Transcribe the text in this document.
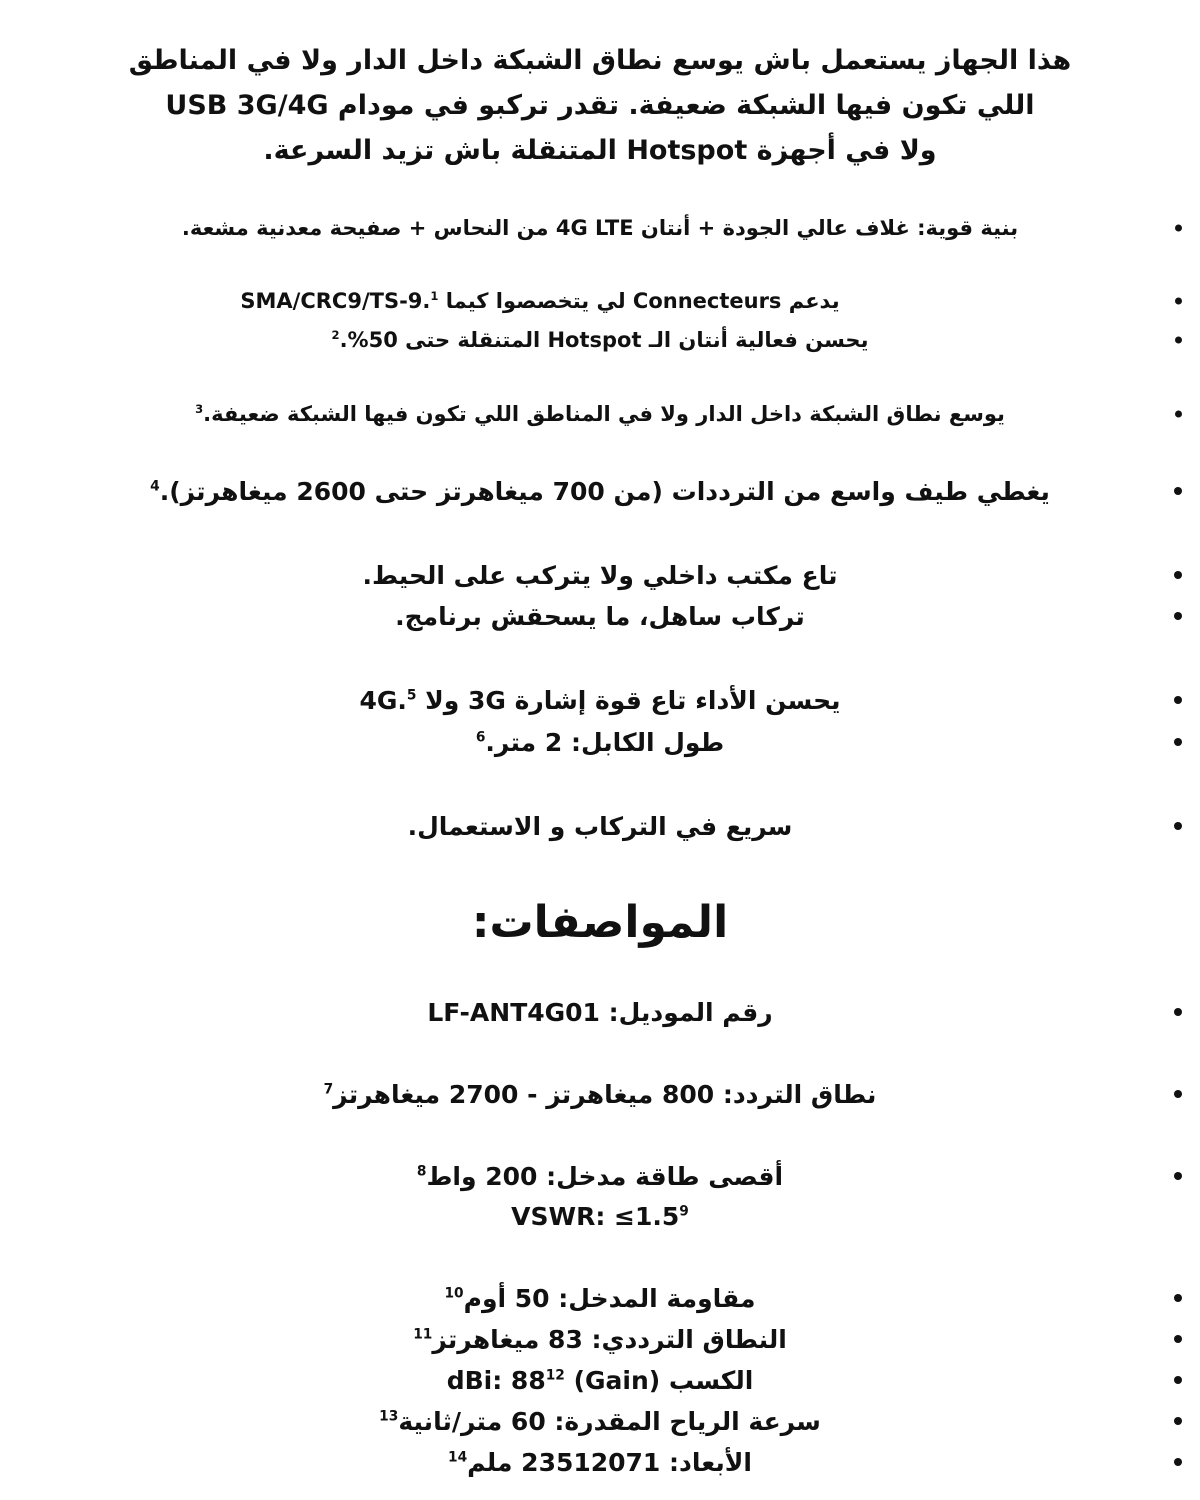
هذا الجهاز يستعمل باش يوسع نطاق الشبكة داخل الدار ولا في المناطق

اللي تكون فيها الشبكة ضعيفة. تقدر تركبو في مودام USB 3G/4G

ولا في أجهزة Hotspot المتنقلة باش تزيد السرعة.

بنية قوية: غلاف عالي الجودة + أنتان 4G LTE من النحاس + صفيحة معدنية مشعة.
يدعم Connecteurs لي يتخصصوا كيما SMA/CRC9/TS-9.$^1$
يحسن فعالية أنتان الـ Hotspot المتنقلة حتى 50%.$^2$
يوسع نطاق الشبكة داخل الدار ولا في المناطق اللي تكون فيها الشبكة ضعيفة.$^3$
يغطي طيف واسع من الترددات (من 700 ميغاهرتز حتى 2600 ميغاهرتز).$^4$
تاع مكتب داخلي ولا يتركب على الحيط.
تركاب ساهل، ما يسحقش برنامج.
يحسن الأداء تاع قوة إشارة 3G ولا 4G.$^5$
طول الكابل: 2 متر.$^6$
سريع في التركاب و الاستعمال.
المواصفات:
رقم الموديل: LF-ANT4G01
نطاق التردد: 800 ميغاهرتز - 2700 ميغاهرتز$^7$
أقصى طاقة مدخل: 200 واط$^8$
VSWR: $\le 1.5^9$
مقاومة المدخل: 50 أوم$^{10}$
النطاق الترددي: 83 ميغاهرتز$^{11}$
الكسب (Gain) dBi: $88^{12}$
سرعة الرياح المقدرة: 60 متر/ثانية$^{13}$
الأبعاد: 23512071 ملم$^{14}$
